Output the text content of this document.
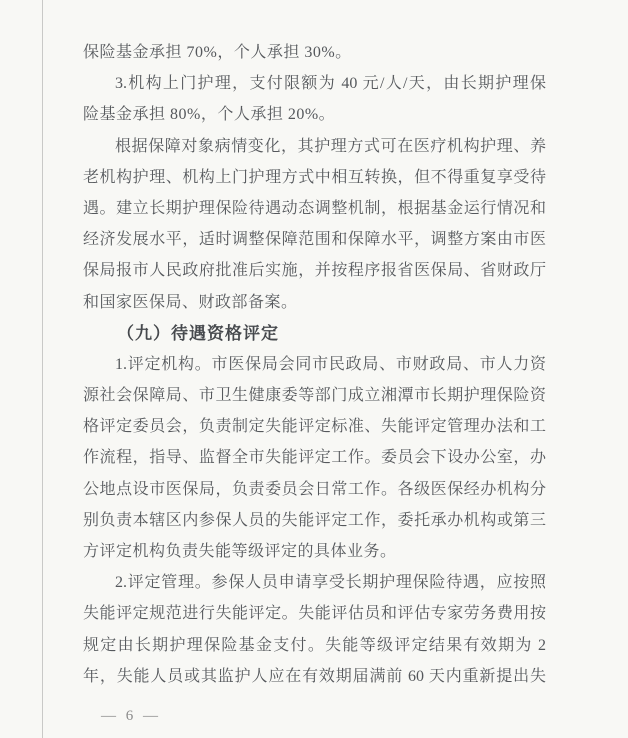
保险基金承担 70%，个人承担 30%。
3.机构上门护理，支付限额为 40 元/人/天，由长期护理保
险基金承担 80%，个人承担 20%。
根据保障对象病情变化，其护理方式可在医疗机构护理、养
老机构护理、机构上门护理方式中相互转换，但不得重复享受待
遇。建立长期护理保险待遇动态调整机制，根据基金运行情况和
经济发展水平，适时调整保障范围和保障水平，调整方案由市医
保局报市人民政府批准后实施，并按程序报省医保局、省财政厅
和国家医保局、财政部备案。
（九）待遇资格评定
1.评定机构。市医保局会同市民政局、市财政局、市人力资
源社会保障局、市卫生健康委等部门成立湘潭市长期护理保险资
格评定委员会，负责制定失能评定标准、失能评定管理办法和工
作流程，指导、监督全市失能评定工作。委员会下设办公室，办
公地点设市医保局，负责委员会日常工作。各级医保经办机构分
别负责本辖区内参保人员的失能评定工作，委托承办机构或第三
方评定机构负责失能等级评定的具体业务。
2.评定管理。参保人员申请享受长期护理保险待遇，应按照
失能评定规范进行失能评定。失能评估员和评估专家劳务费用按
规定由长期护理保险基金支付。失能等级评定结果有效期为 2
年，失能人员或其监护人应在有效期届满前 60 天内重新提出失
— 6 —
